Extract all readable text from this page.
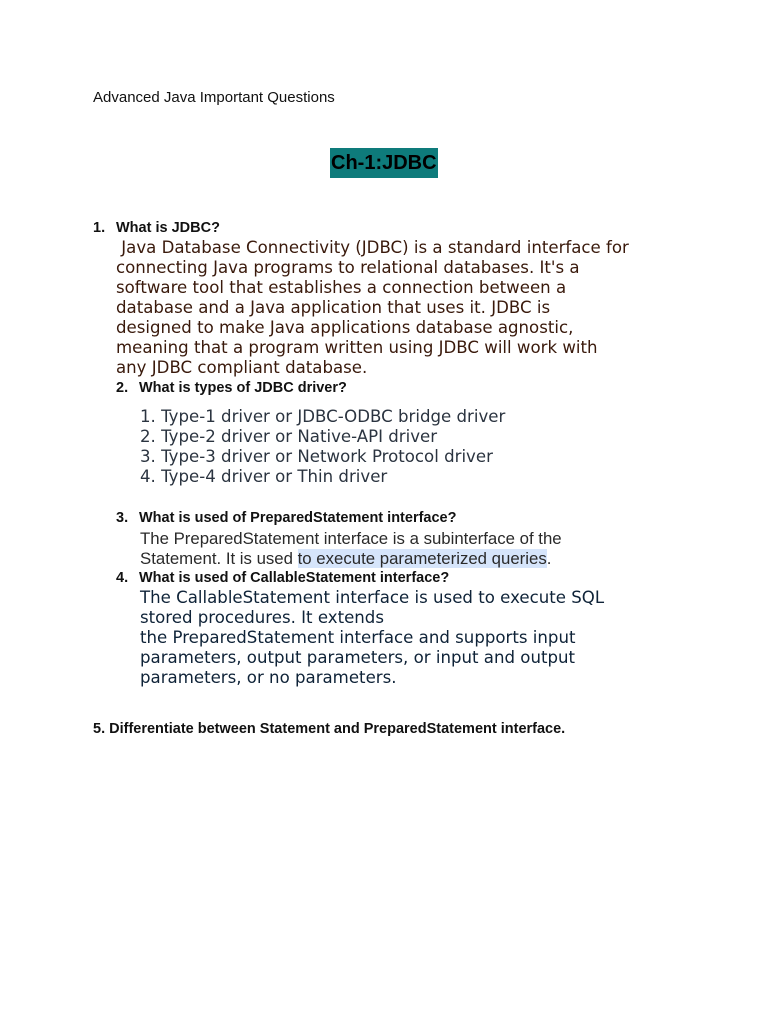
Advanced Java Important Questions
Ch-1:JDBC
1. What is JDBC?
Java Database Connectivity (JDBC) is a standard interface for
connecting Java programs to relational databases. It's a
software tool that establishes a connection between a
database and a Java application that uses it. JDBC is
designed to make Java applications database agnostic,
meaning that a program written using JDBC will work with
any JDBC compliant database.
2. What is types of JDBC driver?
1. Type-1 driver or JDBC-ODBC bridge driver
2. Type-2 driver or Native-API driver
3. Type-3 driver or Network Protocol driver
4. Type-4 driver or Thin driver
3. What is used of PreparedStatement interface?
The PreparedStatement interface is a subinterface of the
Statement. It is used to execute parameterized queries.
4. What is used of CallableStatement interface?
The CallableStatement interface is used to execute SQL
stored procedures. It extends
the PreparedStatement interface and supports input
parameters, output parameters, or input and output
parameters, or no parameters.
5. Differentiate between Statement and PreparedStatement interface.
